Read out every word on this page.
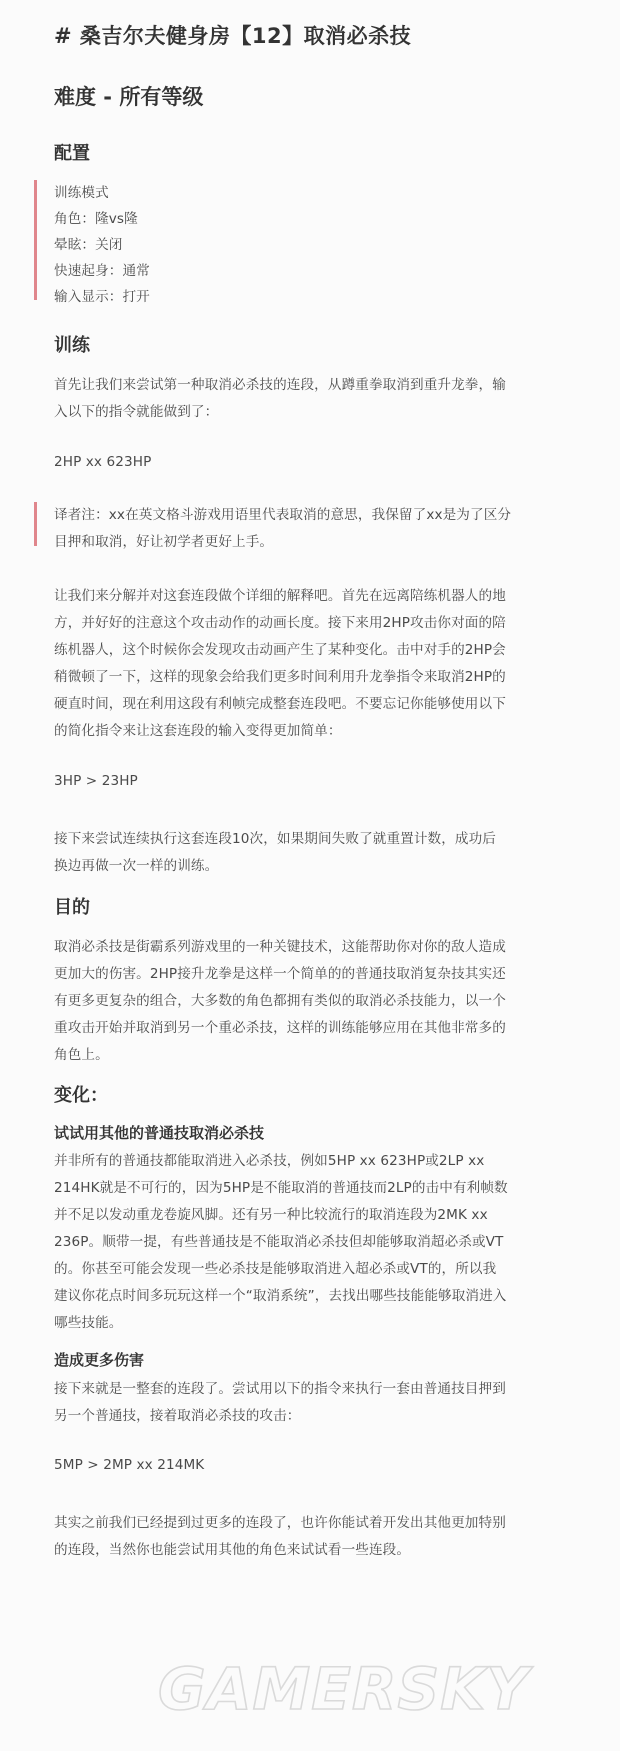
# 桑吉尔夫健身房【12】取消必杀技
难度 - 所有等级
配置
训练模式
角色：隆vs隆
晕眩：关闭
快速起身：通常
输入显示：打开
训练
首先让我们来尝试第一种取消必杀技的连段，从蹲重拳取消到重升龙拳，输
入以下的指令就能做到了：
2HP xx 623HP
译者注：xx在英文格斗游戏用语里代表取消的意思，我保留了xx是为了区分
目押和取消，好让初学者更好上手。
让我们来分解并对这套连段做个详细的解释吧。首先在远离陪练机器人的地
方，并好好的注意这个攻击动作的动画长度。接下来用2HP攻击你对面的陪
练机器人，这个时候你会发现攻击动画产生了某种变化。击中对手的2HP会
稍微顿了一下，这样的现象会给我们更多时间利用升龙拳指令来取消2HP的
硬直时间，现在利用这段有利帧完成整套连段吧。不要忘记你能够使用以下
的简化指令来让这套连段的输入变得更加简单：
3HP > 23HP
接下来尝试连续执行这套连段10次，如果期间失败了就重置计数，成功后
换边再做一次一样的训练。
目的
取消必杀技是街霸系列游戏里的一种关键技术，这能帮助你对你的敌人造成
更加大的伤害。2HP接升龙拳是这样一个简单的的普通技取消复杂技其实还
有更多更复杂的组合，大多数的角色都拥有类似的取消必杀技能力，以一个
重攻击开始并取消到另一个重必杀技，这样的训练能够应用在其他非常多的
角色上。
变化：
试试用其他的普通技取消必杀技
并非所有的普通技都能取消进入必杀技，例如5HP xx 623HP或2LP xx
214HK就是不可行的，因为5HP是不能取消的普通技而2LP的击中有利帧数
并不足以发动重龙卷旋风脚。还有另一种比较流行的取消连段为2MK xx
236P。顺带一提，有些普通技是不能取消必杀技但却能够取消超必杀或VT
的。你甚至可能会发现一些必杀技是能够取消进入超必杀或VT的，所以我
建议你花点时间多玩玩这样一个“取消系统”，去找出哪些技能能够取消进入
哪些技能。
造成更多伤害
接下来就是一整套的连段了。尝试用以下的指令来执行一套由普通技目押到
另一个普通技，接着取消必杀技的攻击：
5MP > 2MP xx 214MK
其实之前我们已经提到过更多的连段了，也许你能试着开发出其他更加特别
的连段，当然你也能尝试用其他的角色来试试看一些连段。
GAMERSKY
